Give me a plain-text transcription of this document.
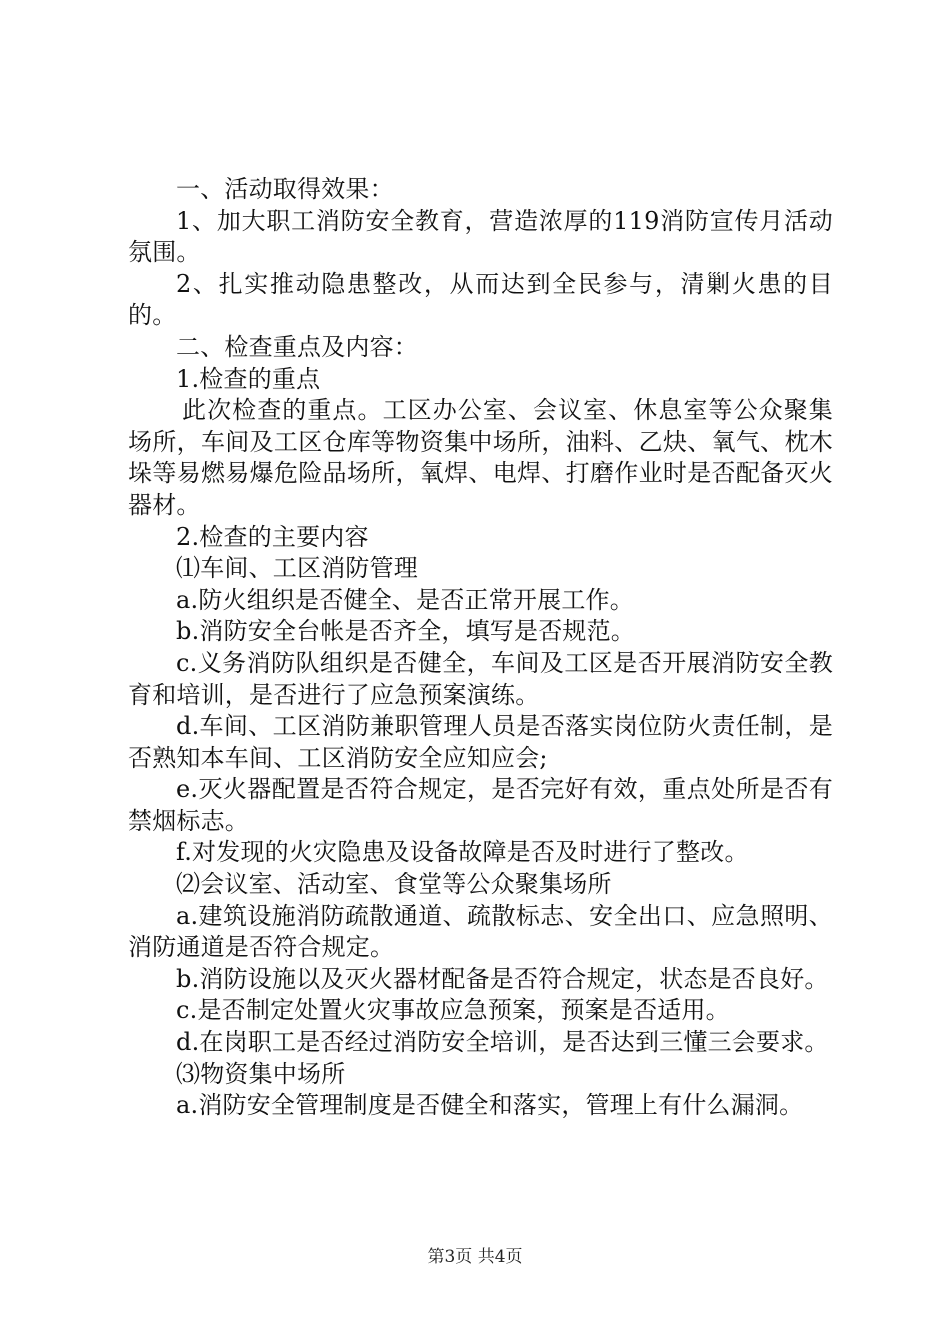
一、活动取得效果：

1、加大职工消防安全教育，营造浓厚的119消防宣传月活动氛围。

2、扎实推动隐患整改，从而达到全民参与，清剿火患的目的。

二、检查重点及内容：

1.检查的重点

此次检查的重点。工区办公室、会议室、休息室等公众聚集场所，车间及工区仓库等物资集中场所，油料、乙炔、氧气、枕木垛等易燃易爆危险品场所，氧焊、电焊、打磨作业时是否配备灭火器材。

2.检查的主要内容

⑴车间、工区消防管理

a.防火组织是否健全、是否正常开展工作。

b.消防安全台帐是否齐全，填写是否规范。

c.义务消防队组织是否健全，车间及工区是否开展消防安全教育和培训，是否进行了应急预案演练。

d.车间、工区消防兼职管理人员是否落实岗位防火责任制，是否熟知本车间、工区消防安全应知应会;

e.灭火器配置是否符合规定，是否完好有效，重点处所是否有禁烟标志。

f.对发现的火灾隐患及设备故障是否及时进行了整改。

⑵会议室、活动室、食堂等公众聚集场所

a.建筑设施消防疏散通道、疏散标志、安全出口、应急照明、消防通道是否符合规定。

b.消防设施以及灭火器材配备是否符合规定，状态是否良好。

c.是否制定处置火灾事故应急预案，预案是否适用。

d.在岗职工是否经过消防安全培训，是否达到三懂三会要求。

⑶物资集中场所

a.消防安全管理制度是否健全和落实，管理上有什么漏洞。

第3页 共4页
